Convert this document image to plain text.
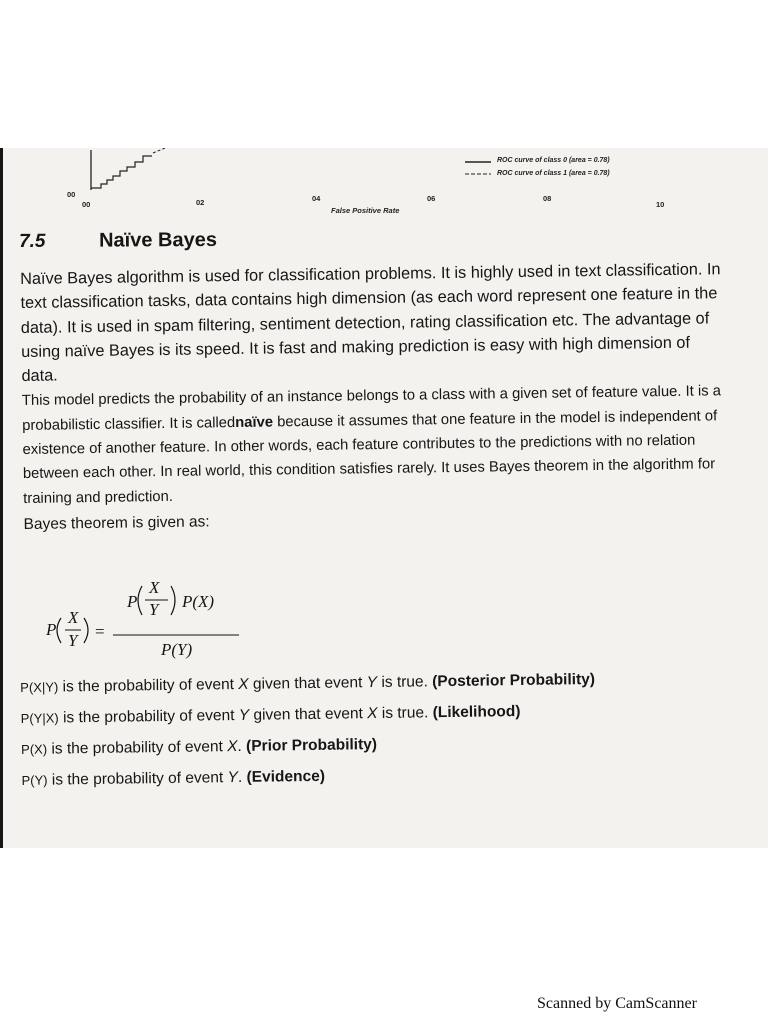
ROC curve of class 0 (area = 0.78)
ROC curve of class 1 (area = 0.78)
00
00	02	04	06	08
10
False Positive Rate
7.5	Naïve Bayes

Naïve Bayes algorithm is used for classification problems. It is highly used in text classification. In text classification tasks, data contains high dimension (as each word represent one feature in the data). It is used in spam filtering, sentiment detection, rating classification etc. The advantage of using naïve Bayes is its speed. It is fast and making prediction is easy with high dimension of data.

This model predicts the probability of an instance belongs to a class with a given set of feature value. It is a probabilistic classifier. It is callednaïve because it assumes that one feature in the model is independent of existence of another feature. In other words, each feature contributes to the predictions with no relation between each other. In real world, this condition satisfies rarely. It uses Bayes theorem in the algorithm for training and prediction.

Bayes theorem is given as:

P
X
Y =
P
X
Y P(X)
P(Y)
P(X|Y) is the probability of event X given that event Y is true. (Posterior Probability)
P(Y|X) is the probability of event Y given that event X is true. (Likelihood)
P(X) is the probability of event X. (Prior Probability)
P(Y) is the probability of event Y. (Evidence)
Scanned by CamScanner
